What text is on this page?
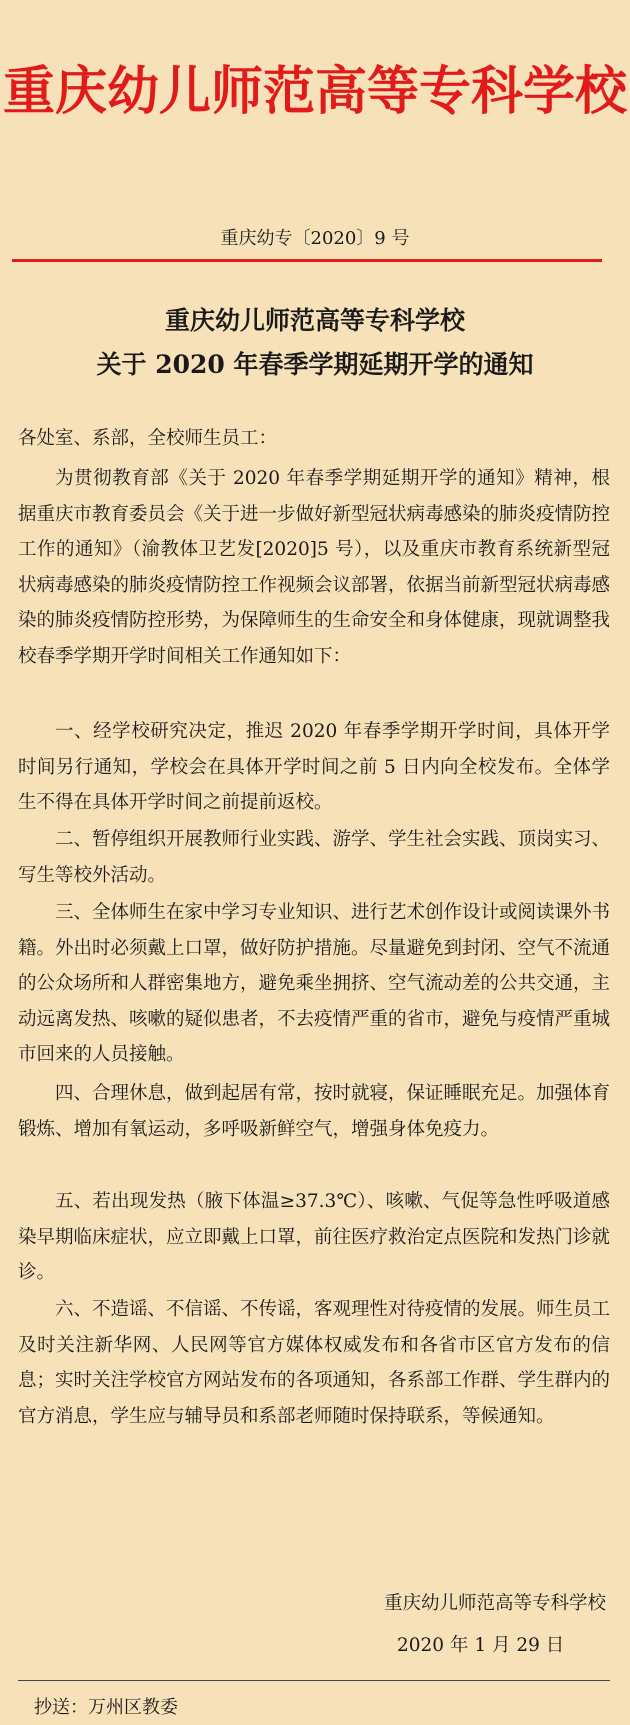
重庆幼儿师范高等专科学校
重庆幼专〔2020〕9 号
重庆幼儿师范高等专科学校
关于 2020 年春季学期延期开学的通知
各处室、系部，全校师生员工：

为贯彻教育部《关于 2020 年春季学期延期开学的通知》精神，根据重庆市教育委员会《关于进一步做好新型冠状病毒感染的肺炎疫情防控工作的通知》（渝教体卫艺发[2020]5 号），以及重庆市教育系统新型冠状病毒感染的肺炎疫情防控工作视频会议部署，依据当前新型冠状病毒感染的肺炎疫情防控形势，为保障师生的生命安全和身体健康，现就调整我校春季学期开学时间相关工作通知如下：

一、经学校研究决定，推迟 2020 年春季学期开学时间，具体开学时间另行通知，学校会在具体开学时间之前 5 日内向全校发布。全体学生不得在具体开学时间之前提前返校。

二、暂停组织开展教师行业实践、游学、学生社会实践、顶岗实习、写生等校外活动。

三、全体师生在家中学习专业知识、进行艺术创作设计或阅读课外书籍。外出时必须戴上口罩，做好防护措施。尽量避免到封闭、空气不流通的公众场所和人群密集地方，避免乘坐拥挤、空气流动差的公共交通，主动远离发热、咳嗽的疑似患者，不去疫情严重的省市，避免与疫情严重城市回来的人员接触。

四、合理休息，做到起居有常，按时就寝，保证睡眠充足。加强体育锻炼、增加有氧运动，多呼吸新鲜空气，增强身体免疫力。

五、若出现发热（腋下体温≥37.3℃）、咳嗽、气促等急性呼吸道感染早期临床症状，应立即戴上口罩，前往医疗救治定点医院和发热门诊就诊。

六、不造谣、不信谣、不传谣，客观理性对待疫情的发展。师生员工及时关注新华网、人民网等官方媒体权威发布和各省市区官方发布的信息；实时关注学校官方网站发布的各项通知，各系部工作群、学生群内的官方消息，学生应与辅导员和系部老师随时保持联系，等候通知。

重庆幼儿师范高等专科学校
2020 年 1 月 29 日
抄送：万州区教委
